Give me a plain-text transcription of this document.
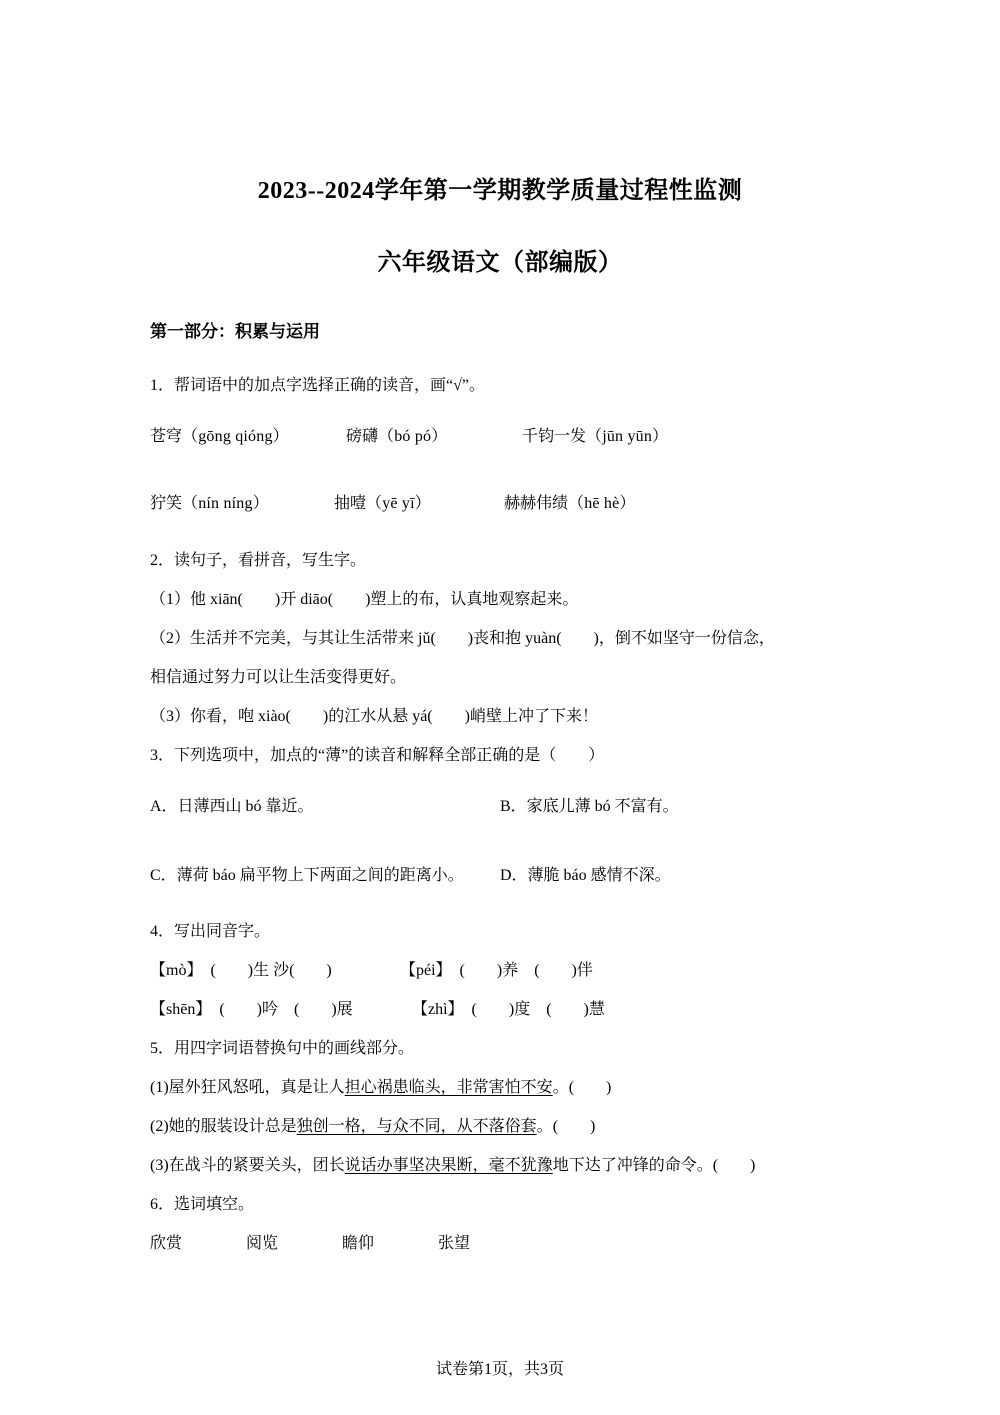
2023--2024学年第一学期教学质量过程性监测
六年级语文（部编版）
第一部分：积累与运用
1．帮词语中的加点字选择正确的读音，画“√”。
苍穹（gōng qióng）	磅礴（bó pó）	千钧一发（jūn yūn）
狞笑（nín níng）	抽噎（yē yī）	赫赫伟绩（hē hè）
2．读句子，看拼音，写生字。
（1）他 xiān(　　)开 diāo(　　)塑上的布，认真地观察起来。
（2）生活并不完美，与其让生活带来 jǔ(　　)丧和抱 yuàn(　　)，倒不如坚守一份信念，
相信通过努力可以让生活变得更好。
（3）你看，咆 xiào(　　)的江水从悬 yá(　　)峭壁上冲了下来！
3．下列选项中，加点的“薄”的读音和解释全部正确的是（　　）
A．日薄西山 bó 靠近。	B．家底儿薄 bó 不富有。
C．薄荷 báo 扁平物上下两面之间的距离小。 D．薄脆 báo 感情不深。
4．写出同音字。
【mò】　(　　)生 沙(　　)	【péi】　(　　)养　(　　)伴
【shēn】　(　　)吟　(　　)展	【zhì】　(　　)度　(　　)慧
5．用四字词语替换句中的画线部分。
(1)屋外狂风怒吼，真是让人担心祸患临头，非常害怕不安。(　　)
(2)她的服装设计总是独创一格，与众不同，从不落俗套。(　　)
(3)在战斗的紧要关头，团长说话办事坚决果断，毫不犹豫地下达了冲锋的命令。(　　)
6．选词填空。
欣赏	阅览	瞻仰	张望
试卷第1页，共3页
